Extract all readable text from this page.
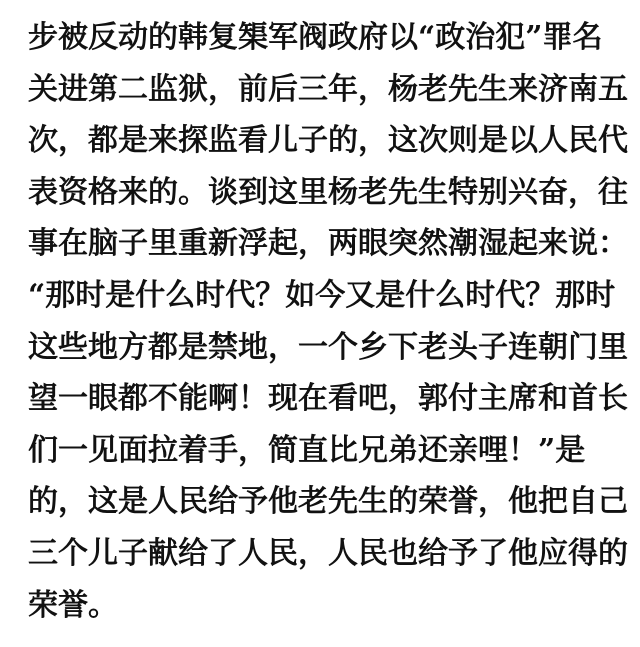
步被反动的韩复榘军阀政府以“政治犯”罪名
关进第二监狱，前后三年，杨老先生来济南五
次，都是来探监看儿子的，这次则是以人民代
表资格来的。谈到这里杨老先生特别兴奋，往
事在脑子里重新浮起，两眼突然潮湿起来说：
“那时是什么时代？如今又是什么时代？那时
这些地方都是禁地，一个乡下老头子连朝门里
望一眼都不能啊！现在看吧，郭付主席和首长
们一见面拉着手，简直比兄弟还亲哩！”是
的，这是人民给予他老先生的荣誉，他把自己
三个儿子献给了人民，人民也给予了他应得的
荣誉。
